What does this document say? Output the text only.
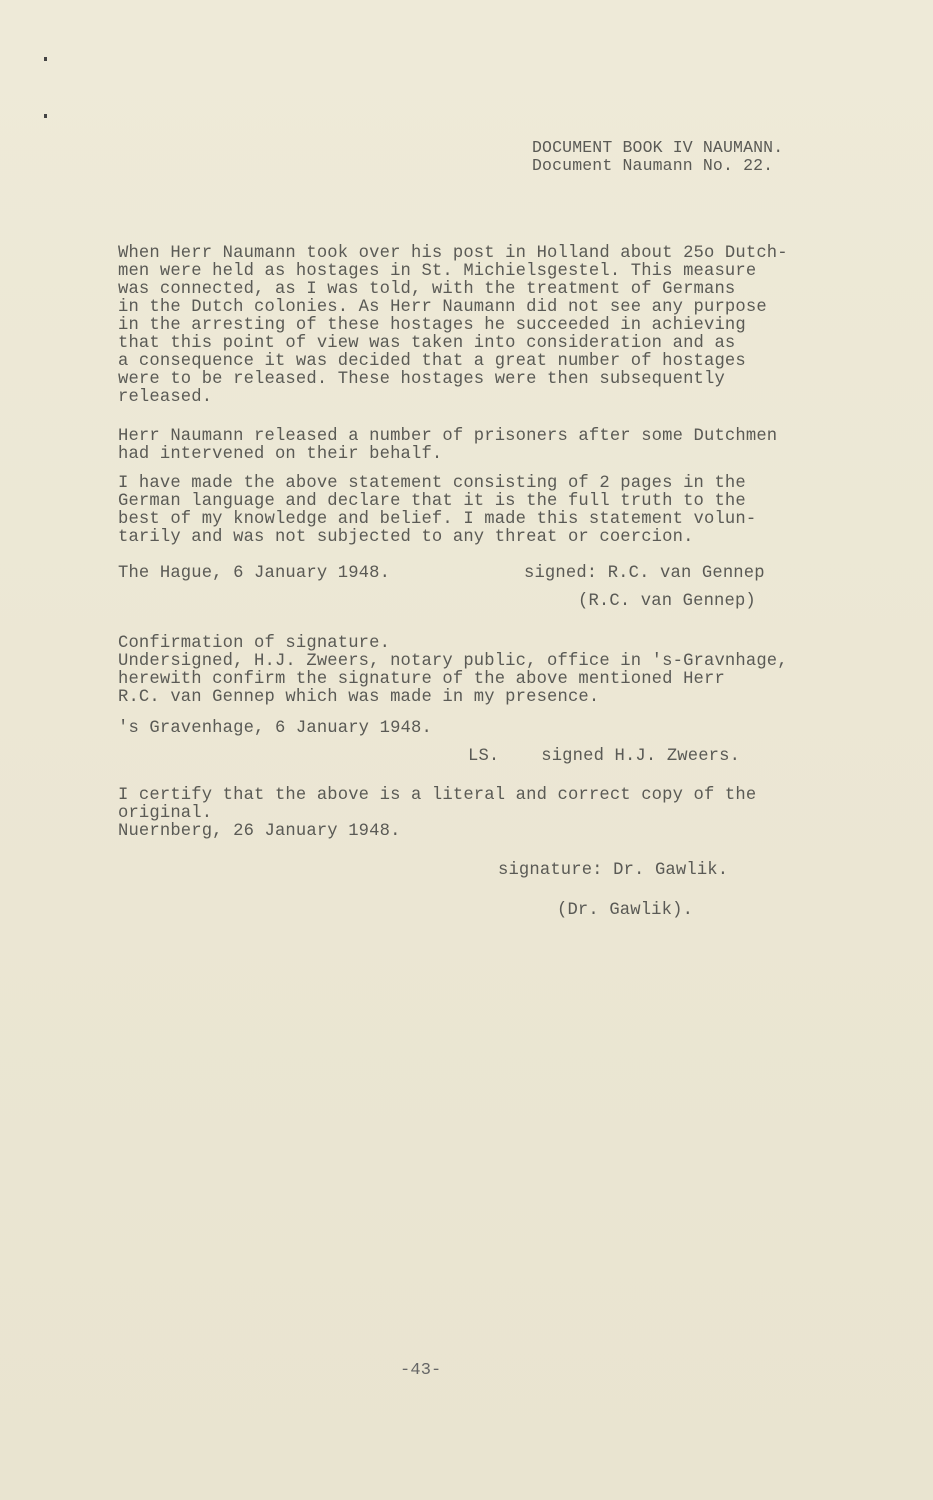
DOCUMENT BOOK IV NAUMANN.
Document Naumann No. 22.
When Herr Naumann took over his post in Holland about 25o Dutch-
men were held as hostages in St. Michielsgestel. This measure
was connected, as I was told, with the treatment of Germans
in the Dutch colonies. As Herr Naumann did not see any purpose
in the arresting of these hostages he succeeded in achieving
that this point of view was taken into consideration and as
a consequence it was decided that a great number of hostages
were to be released. These hostages were then subsequently
released.
Herr Naumann released a number of prisoners after some Dutchmen
had intervened on their behalf.
I have made the above statement consisting of 2 pages in the
German language and declare that it is the full truth to the
best of my knowledge and belief. I made this statement volun-
tarily and was not subjected to any threat or coercion.
The Hague, 6 January 1948.	signed: R.C. van Gennep
(R.C. van Gennep)
Confirmation of signature.
Undersigned, H.J. Zweers, notary public, office in 's-Gravnhage,
herewith confirm the signature of the above mentioned Herr
R.C. van Gennep which was made in my presence.
's Gravenhage, 6 January 1948.
LS.    signed H.J. Zweers.
I certify that the above is a literal and correct copy of the
original.
Nuernberg, 26 January 1948.
signature: Dr. Gawlik.
(Dr. Gawlik).
-43-
